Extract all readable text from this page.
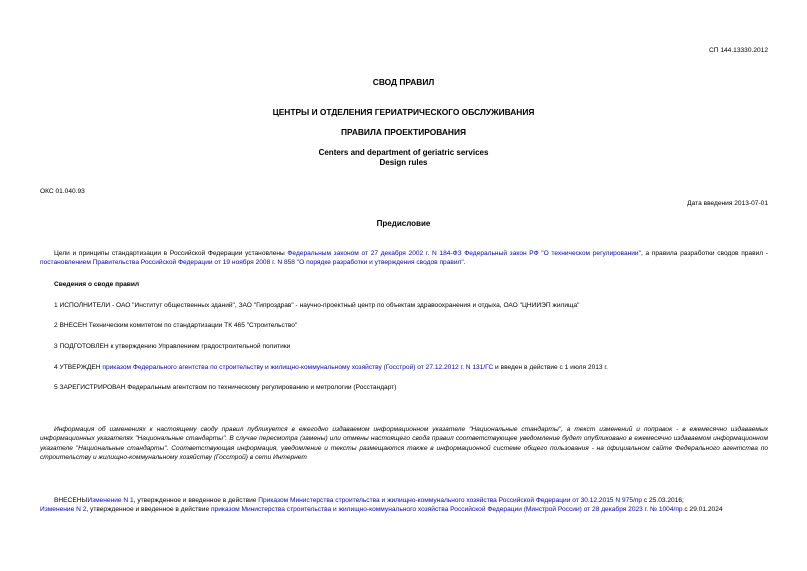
СП 144.13330.2012
СВОД ПРАВИЛ
ЦЕНТРЫ И ОТДЕЛЕНИЯ ГЕРИАТРИЧЕСКОГО ОБСЛУЖИВАНИЯ
ПРАВИЛА ПРОЕКТИРОВАНИЯ
Centers and department of geriatric services
Design rules
ОКС 01.040.93
Дата введения 2013-07-01
Предисловие
Цели и принципы стандартизации в Российской Федерации установлены Федеральным законом от 27 декабря 2002 г. N 184-ФЗ Федеральный закон РФ "О техническом регулировании", а правила разработки сводов правил - постановлением Правительства Российской Федерации от 19 ноября 2008 г. N 858 "О порядке разработки и утверждения сводов правил".
Сведения о своде правил
1 ИСПОЛНИТЕЛИ - ОАО "Институт общественных зданий", ЗАО "Гипроздрав" - научно-проектный центр по объектам здравоохранения и отдыха, ОАО "ЦНИИЭП жилища"
2 ВНЕСЕН Техническим комитетом по стандартизации ТК 465 "Строительство"
3 ПОДГОТОВЛЕН к утверждению Управлением градостроительной политики
4 УТВЕРЖДЕН приказом Федерального агентства по строительству и жилищно-коммунальному хозяйству (Госстрой) от 27.12.2012 г. N 131/ГС и введен в действие с 1 июля 2013 г.
5 ЗАРЕГИСТРИРОВАН Федеральным агентством по техническому регулированию и метрологии (Росстандарт)
Информация об изменениях к настоящему своду правил публикуется в ежегодно издаваемом информационном указателе "Национальные стандарты", а текст изменений и поправок - в ежемесячно издаваемых информационных указателях "Национальные стандарты". В случае пересмотра (замены) или отмены настоящего свода правил соответствующее уведомление будет опубликовано в ежемесячно издаваемом информационном указателе "Национальные стандарты". Соответствующая информация, уведомление и тексты размещаются также в информационной системе общего пользования - на официальном сайте Федерального агентства по строительству и жилищно-коммунальному хозяйству (Госстрой) в сети Интернет
ВНЕСЕНЫИзменение N 1, утвержденное и введенное в действие Приказом Министерства строительства и жилищно-коммунального хозяйства Российской Федерации от 30.12.2015 N 975/пр с 25.03.2016;
Изменение N 2, утвержденное и введенное в действие приказом Министерства строительства и жилищно-коммунального хозяйства Российской Федерации (Минстрой России) от 28 декабря 2023 г. № 1004/пр с 29.01.2024
